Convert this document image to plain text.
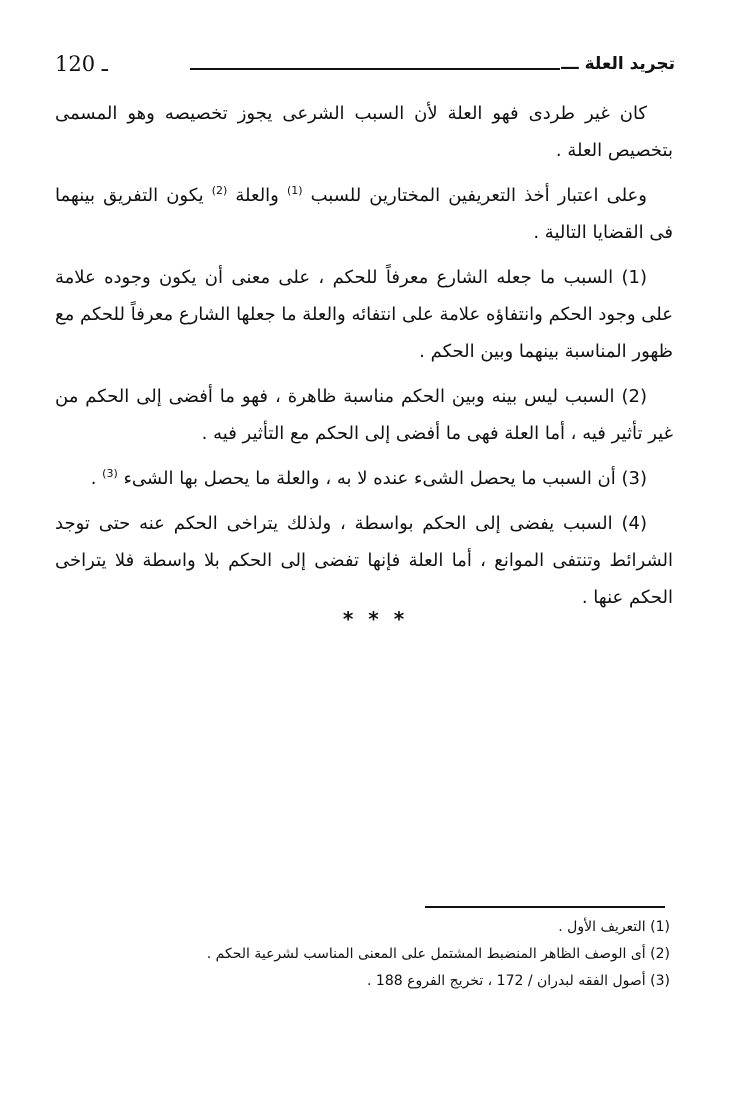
120 ـ	تجريد العلة ـــ

كان غير طردى فهو العلة لأن السبب الشرعى يجوز تخصيصه وهو المسمى بتخصيص العلة .

وعلى اعتبار أخذ التعريفين المختارين للسبب $^{(1)}$ والعلة $^{(2)}$ يكون التفريق بينهما فى القضايا التالية .

(1) السبب ما جعله الشارع معرفاً للحكم ، على معنى أن يكون وجوده علامة على وجود الحكم وانتفاؤه علامة على انتفائه والعلة ما جعلها الشارع معرفاً للحكم مع ظهور المناسبة بينهما وبين الحكم .

(2) السبب ليس بينه وبين الحكم مناسبة ظاهرة ، فهو ما أفضى إلى الحكم من غير تأثير فيه ، أما العلة فهى ما أفضى إلى الحكم مع التأثير فيه .

(3) أن السبب ما يحصل الشىء عنده لا به ، والعلة ما يحصل بها الشىء $^{(3)}$ .

(4) السبب يفضى إلى الحكم بواسطة ، ولذلك يتراخى الحكم عنه حتى توجد الشرائط وتنتفى الموانع ، أما العلة فإنها تفضى إلى الحكم بلا واسطة فلا يتراخى الحكم عنها .

* * *
(1) التعريف الأول .
(2) أى الوصف الظاهر المنضبط المشتمل على المعنى المناسب لشرعية الحكم .
(3) أصول الفقه لبدران / 172 ، تخريج الفروع 188 .
